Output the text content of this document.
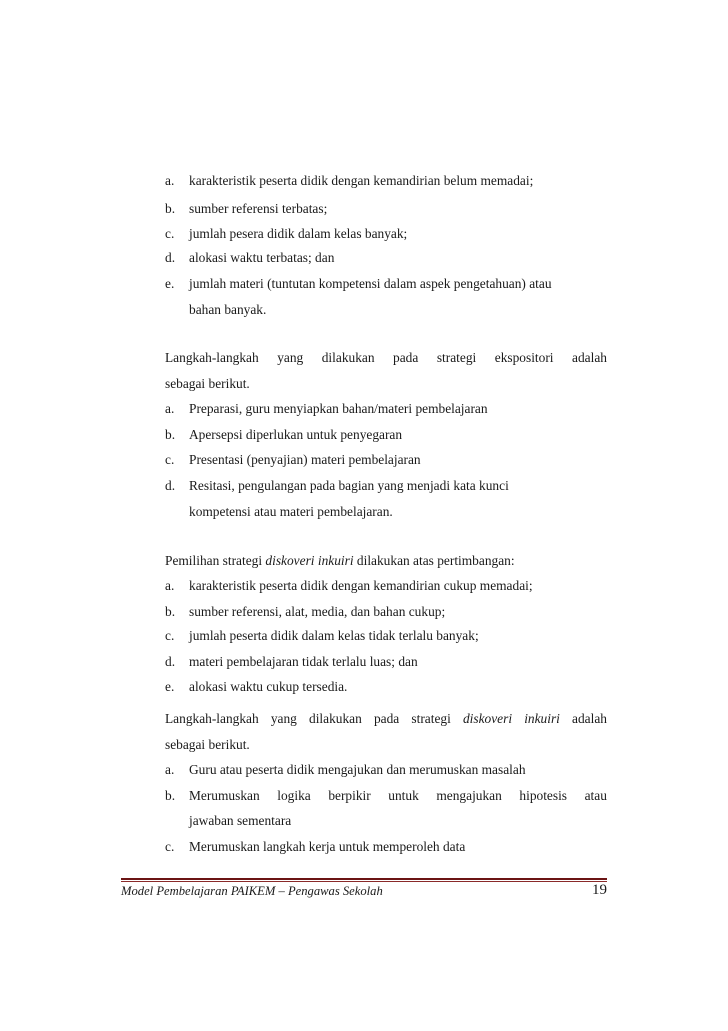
a.	karakteristik peserta didik dengan kemandirian belum memadai;
b.	sumber referensi terbatas;
c.	jumlah pesera didik dalam kelas banyak;
d.	alokasi waktu terbatas; dan
e.	jumlah materi (tuntutan kompetensi dalam aspek pengetahuan) atau
bahan banyak.
Langkah-langkah yang dilakukan pada strategi ekspositori adalah
sebagai berikut.
a.	Preparasi, guru menyiapkan bahan/materi pembelajaran
b.	Apersepsi diperlukan untuk penyegaran
c.	Presentasi (penyajian) materi pembelajaran
d.	Resitasi, pengulangan pada bagian yang menjadi kata kunci
kompetensi atau materi pembelajaran.
Pemilihan strategi diskoveri inkuiri dilakukan atas pertimbangan:
a.	karakteristik peserta didik dengan kemandirian cukup memadai;
b.	sumber referensi, alat, media, dan bahan cukup;
c.	jumlah peserta didik dalam kelas tidak terlalu banyak;
d.	materi pembelajaran tidak terlalu luas; dan
e.	alokasi waktu cukup tersedia.
Langkah-langkah yang dilakukan pada strategi diskoveri inkuiri adalah
sebagai berikut.
a.	Guru atau peserta didik mengajukan dan merumuskan masalah
b.	Merumuskan logika berpikir untuk mengajukan hipotesis atau
jawaban sementara
c.	Merumuskan langkah kerja untuk memperoleh data
Model Pembelajaran PAIKEM – Pengawas Sekolah	19
